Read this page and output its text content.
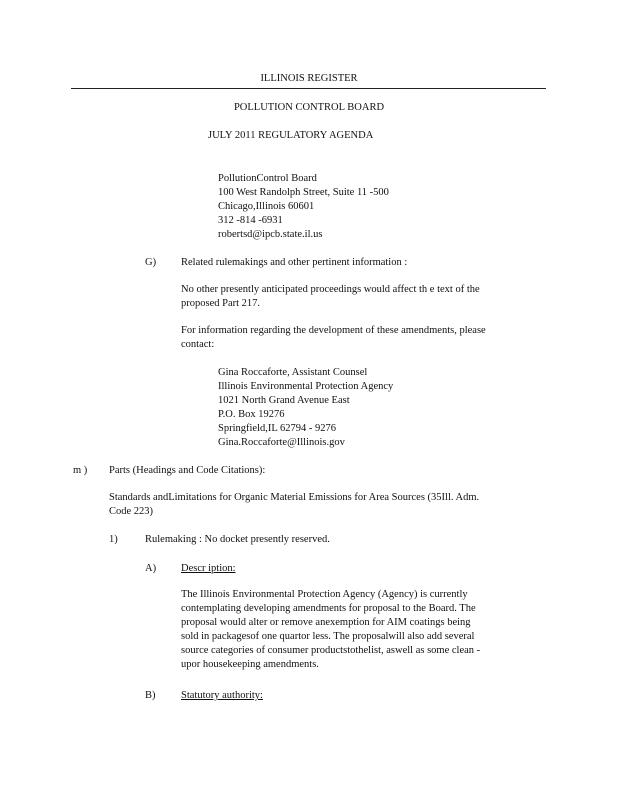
ILLINOIS REGISTER
POLLUTION CONTROL BOARD
JULY 2011 REGULATORY AGENDA
PollutionControl Board
100 West Randolph Street, Suite 11 -500
Chicago,Illinois 60601
312 -814 -6931
robertsd@ipcb.state.il.us
G) Related rulemakings and other pertinent information :
No other presently anticipated proceedings would affect th e text of the
proposed Part 217.
For information regarding the development of these amendments, please
contact:
Gina Roccaforte, Assistant Counsel
Illinois Environmental Protection Agency
1021 North Grand Avenue East
P.O. Box 19276
Springfield,IL 62794 - 9276
Gina.Roccaforte@Illinois.gov
m ) Parts (Headings and Code Citations):
Standards andLimitations for Organic Material Emissions for Area Sources (35Ill. Adm.
Code 223)
1)	Rulemaking : No docket presently reserved.
A) Descr iption:
The Illinois Environmental Protection Agency (Agency) is currently
contemplating developing amendments for proposal to the Board. The
proposal would alter or remove anexemption for AIM coatings being
sold in packagesof one quartor less. The proposalwill also add several
source categories of consumer productstothelist, aswell as some clean -
upor housekeeping amendments.
B) Statutory authority:
